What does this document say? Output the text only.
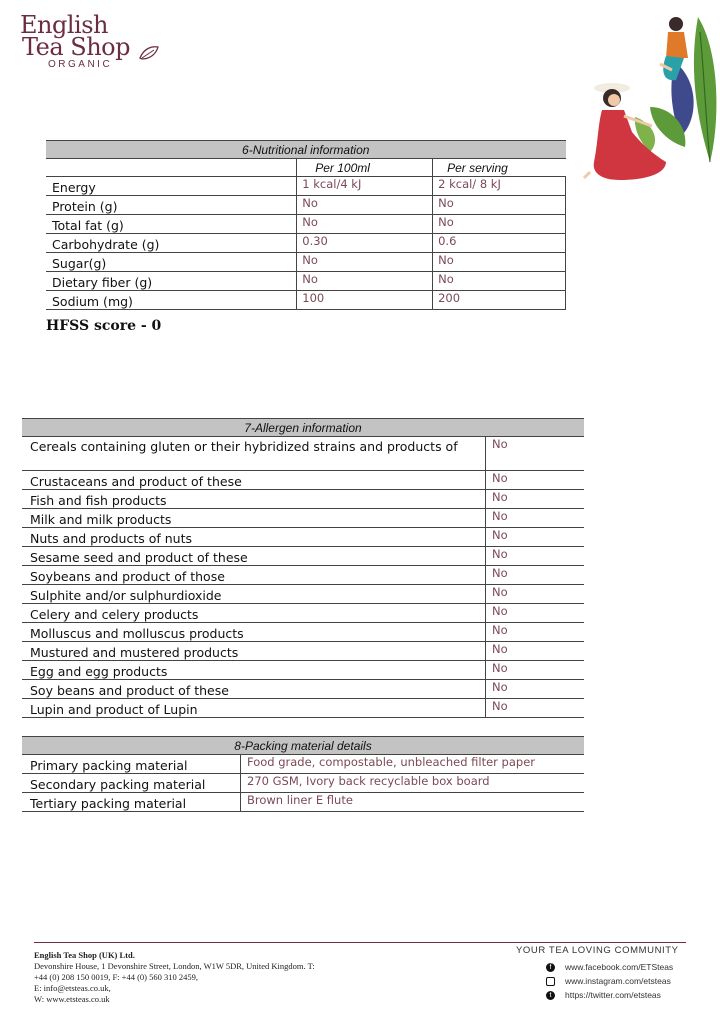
English
Tea Shop
ORGANIC
6-Nutritional information		
	Per 100ml	Per serving
Energy	1 kcal/4 kJ	2 kcal/ 8 kJ
Protein (g)	No	No
Total fat (g)	No	No
Carbohydrate (g)	0.30	0.6
Sugar(g)	No	No
Dietary fiber (g)	No	No
Sodium (mg)	100	200
HFSS score - 0
7-Allergen information	
Cereals containing gluten or their hybridized strains and products of	No
Crustaceans and product of these	No
Fish and fish products	No
Milk and milk products	No
Nuts and products of nuts	No
Sesame seed and product of these	No
Soybeans and product of those	No
Sulphite and/or sulphurdioxide	No
Celery and celery products	No
Molluscus and molluscus products	No
Mustured and mustered products	No
Egg and egg products	No
Soy beans and product of these	No
Lupin and product of Lupin	No
8-Packing material details	
Primary packing material	Food grade, compostable, unbleached filter paper
Secondary packing material	270 GSM, Ivory back recyclable box board
Tertiary packing material	Brown liner E flute
English Tea Shop (UK) Ltd.
Devonshire House, 1 Devonshire Street, London, W1W 5DR, United Kingdom. T:
+44 (0) 208 150 0019, F: +44 (0) 560 310 2459,
E: info@etsteas.co.uk,
W: www.etsteas.co.uk
YOUR TEA LOVING COMMUNITY
f	www.facebook.com/ETSteas
www.instagram.com/etsteas
t	https://twitter.com/etsteas
